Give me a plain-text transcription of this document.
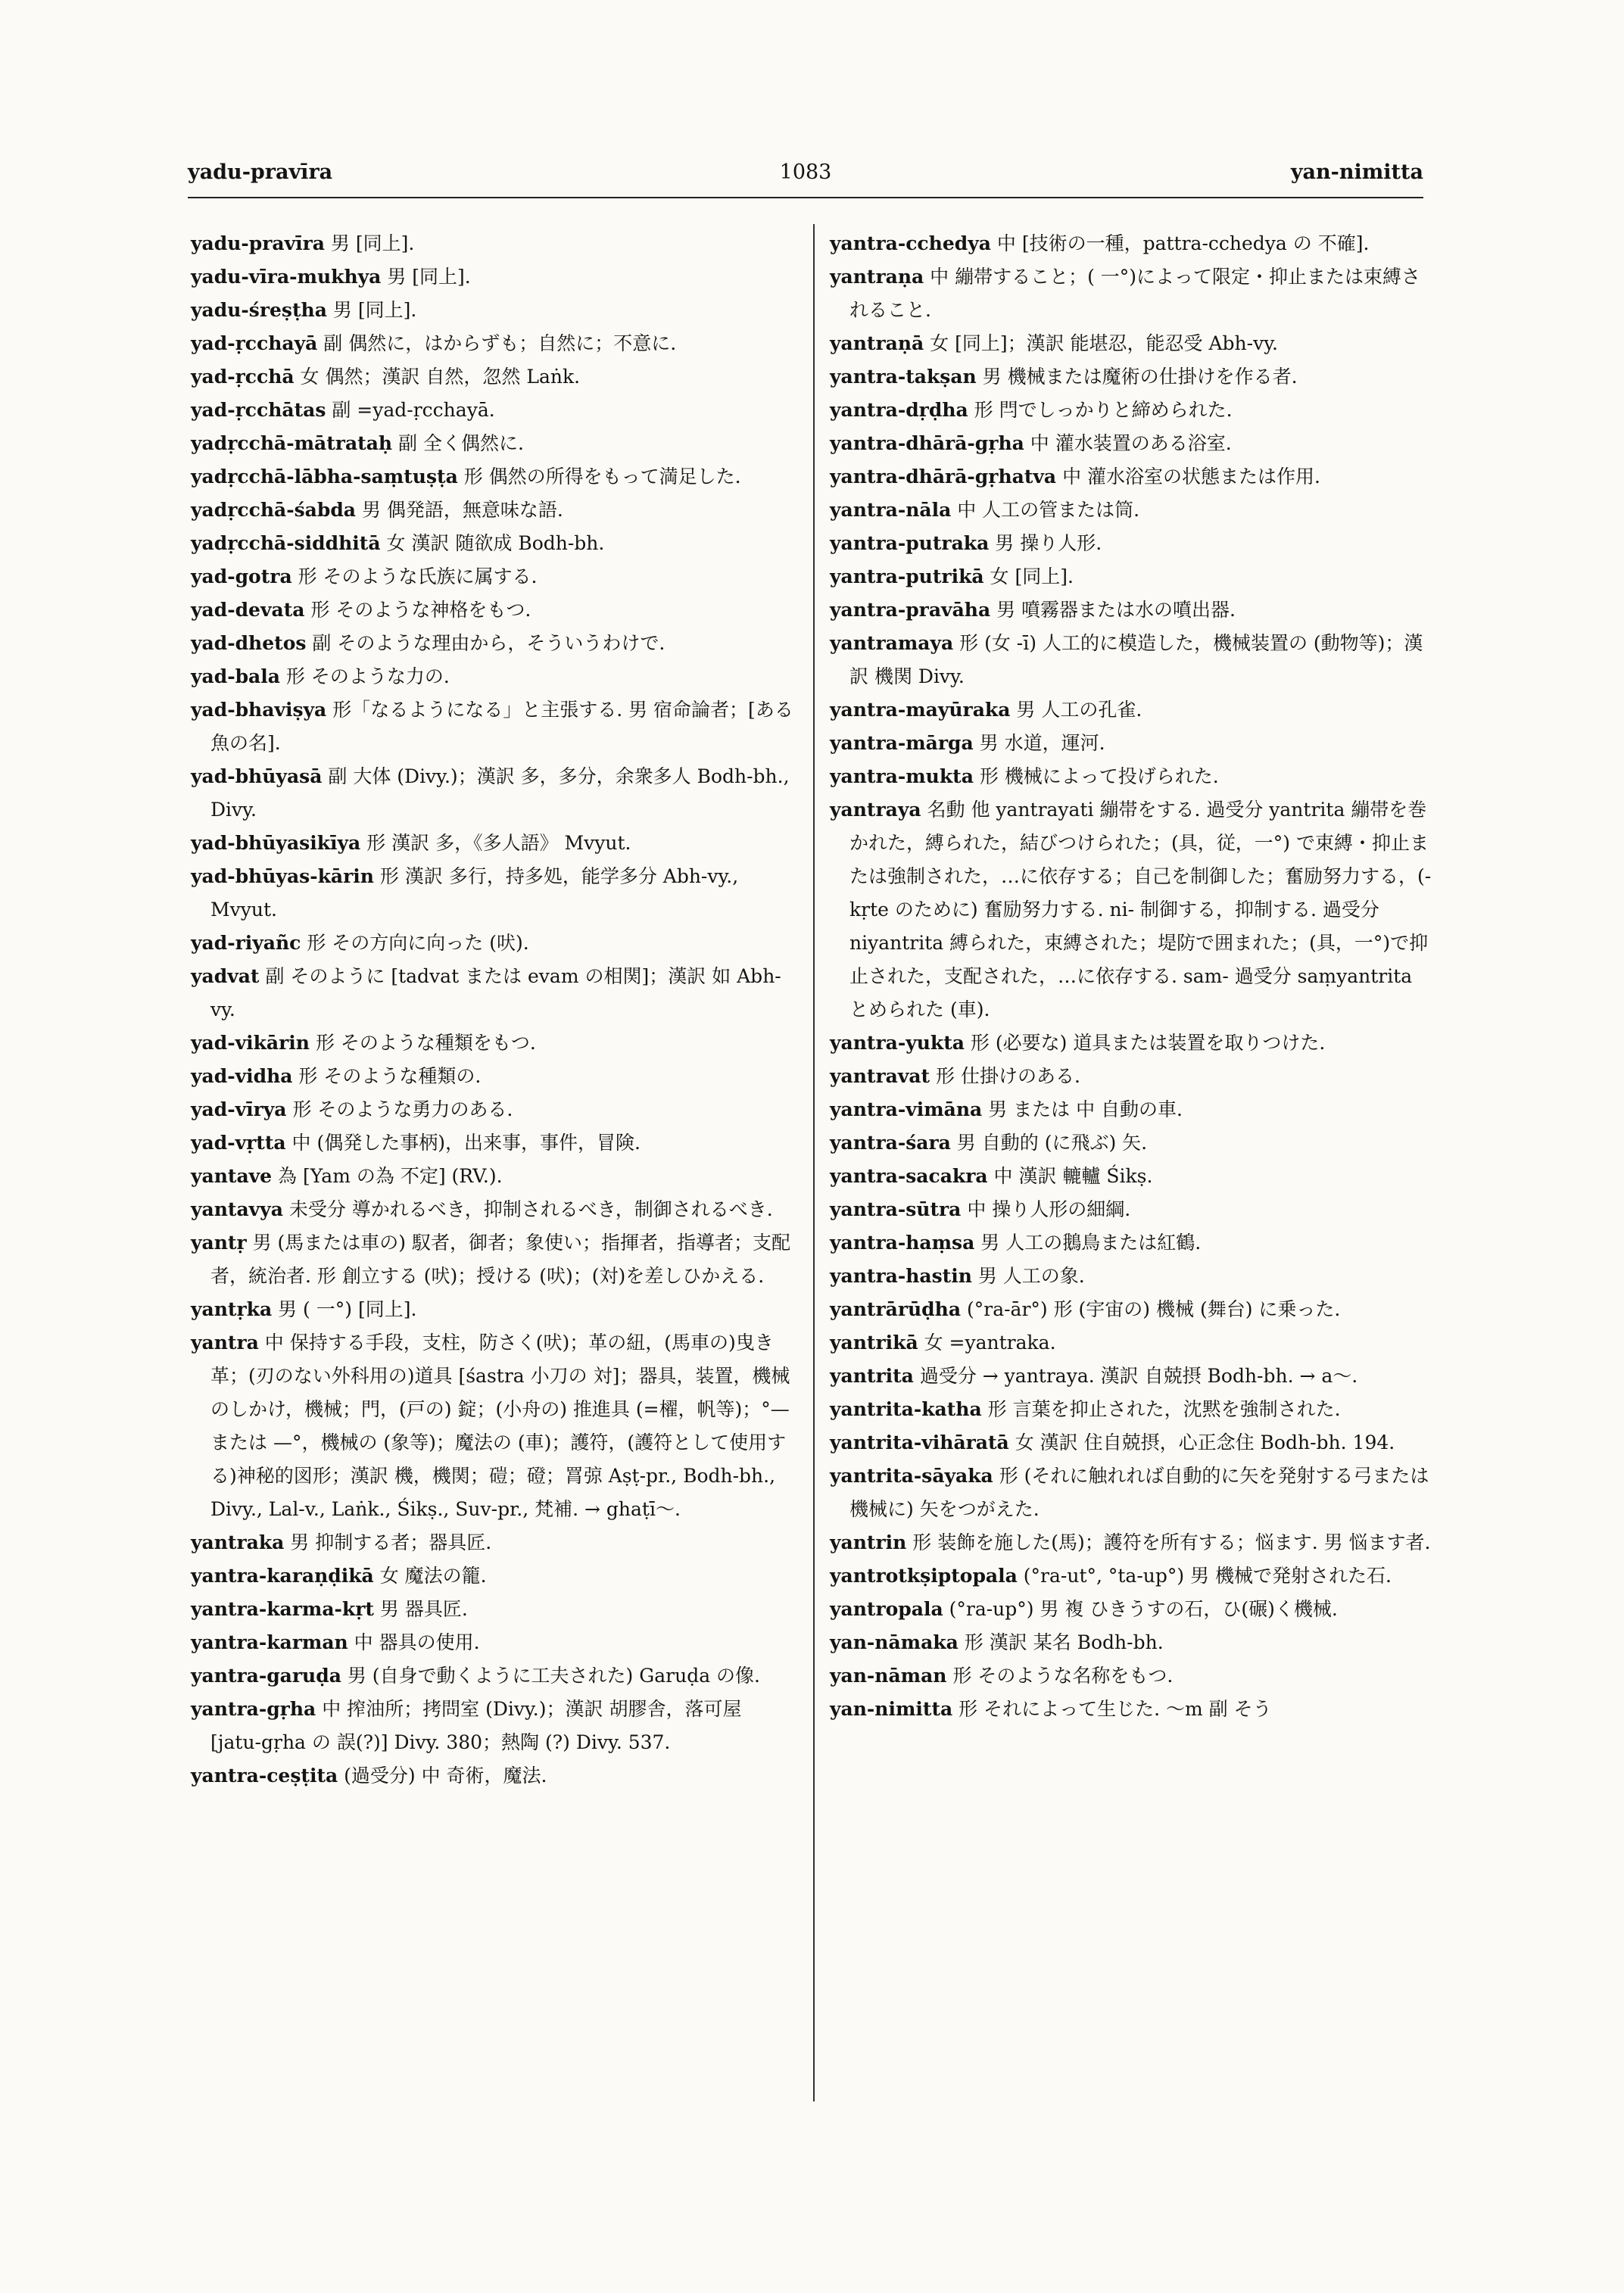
yadu-pravīra	1083	yan-nimitta
yadu-pravīra 男 [同上].
yadu-vīra-mukhya 男 [同上].
yadu-śreṣṭha 男 [同上].
yad-ṛcchayā 副 偶然に，はからずも；自然に；不意に.
yad-ṛcchā 女 偶然；漢訳 自然，忽然 Laṅk.
yad-ṛcchātas 副 =yad-ṛcchayā.
yadṛcchā-mātrataḥ 副 全く偶然に.
yadṛcchā-lābha-saṃtuṣṭa 形 偶然の所得をもって満足した.
yadṛcchā-śabda 男 偶発語，無意味な語.
yadṛcchā-siddhitā 女 漢訳 随欲成 Bodh-bh.
yad-gotra 形 そのような氏族に属する.
yad-devata 形 そのような神格をもつ.
yad-dhetos 副 そのような理由から，そういうわけで.
yad-bala 形 そのような力の.
yad-bhaviṣya 形「なるようになる」と主張する. 男 宿命論者；[ある魚の名].
yad-bhūyasā 副 大体 (Divy.)；漢訳 多，多分，余衆多人 Bodh-bh., Divy.
yad-bhūyasikīya 形 漢訳 多，《多人語》 Mvyut.
yad-bhūyas-kārin 形 漢訳 多行，持多処，能学多分 Abh-vy., Mvyut.
yad-riyañc 形 その方向に向った (吠).
yadvat 副 そのように [tadvat または evam の相関]；漢訳 如 Abh-vy.
yad-vikārin 形 そのような種類をもつ.
yad-vidha 形 そのような種類の.
yad-vīrya 形 そのような勇力のある.
yad-vṛtta 中 (偶発した事柄)，出来事，事件，冒険.
yantave 為 [Yam の為 不定] (RV.).
yantavya 未受分 導かれるべき，抑制されるべき，制御されるべき.
yantṛ 男 (馬または車の) 馭者，御者；象使い；指揮者，指導者；支配者，統治者. 形 創立する (吠)；授ける (吠)；(対)を差しひかえる.
yantṛka 男 ( 一°) [同上].
yantra 中 保持する手段，支柱，防さく(吠)；革の紐，(馬車の)曳き革；(刃のない外科用の)道具 [śastra 小刀の 対]；器具，装置，機械のしかけ，機械；門，(戸の) 錠；(小舟の) 推進具 (=櫂，帆等)；°— または —°，機械の (象等)；魔法の (車)；護符，(護符として使用する)神秘的図形；漢訳 機，機関；磑；磴；罥弶 Aṣṭ-pr., Bodh-bh., Divy., Lal-v., Laṅk., Śikṣ., Suv-pr., 梵補. → ghaṭī〜.
yantraka 男 抑制する者；器具匠.
yantra-karaṇḍikā 女 魔法の籠.
yantra-karma-kṛt 男 器具匠.
yantra-karman 中 器具の使用.
yantra-garuḍa 男 (自身で動くように工夫された) Garuḍa の像.
yantra-gṛha 中 搾油所；拷問室 (Divy.)；漢訳 胡膠舎，落可屋 [jatu-gṛha の 誤(?)] Divy. 380；熱陶 (?) Divy. 537.
yantra-ceṣṭita (過受分) 中 奇術，魔法.
yantra-cchedya 中 [技術の一種，pattra-cchedya の 不確].
yantraṇa 中 繃帯すること；( 一°)によって限定・抑止または束縛されること.
yantraṇā 女 [同上]；漢訳 能堪忍，能忍受 Abh-vy.
yantra-takṣan 男 機械または魔術の仕掛けを作る者.
yantra-dṛḍha 形 閂でしっかりと締められた.
yantra-dhārā-gṛha 中 灌水装置のある浴室.
yantra-dhārā-gṛhatva 中 灌水浴室の状態または作用.
yantra-nāla 中 人工の管または筒.
yantra-putraka 男 操り人形.
yantra-putrikā 女 [同上].
yantra-pravāha 男 噴霧器または水の噴出器.
yantramaya 形 (女 -ī) 人工的に模造した，機械装置の (動物等)；漢訳 機関 Divy.
yantra-mayūraka 男 人工の孔雀.
yantra-mārga 男 水道，運河.
yantra-mukta 形 機械によって投げられた.
yantraya 名動 他 yantrayati 繃帯をする. 過受分 yantrita 繃帯を巻かれた，縛られた，結びつけられた；(具，従，一°) で束縛・抑止または強制された，…に依存する；自己を制御した；奮励努力する，(-kṛte のために) 奮励努力する. ni- 制御する，抑制する. 過受分 niyantrita 縛られた，束縛された；堤防で囲まれた；(具，一°)で抑止された，支配された，…に依存する. sam- 過受分 saṃyantrita とめられた (車).
yantra-yukta 形 (必要な) 道具または装置を取りつけた.
yantravat 形 仕掛けのある.
yantra-vimāna 男 または 中 自動の車.
yantra-śara 男 自動的 (に飛ぶ) 矢.
yantra-sacakra 中 漢訳 轆轤 Śikṣ.
yantra-sūtra 中 操り人形の細綱.
yantra-haṃsa 男 人工の鵝鳥または紅鶴.
yantra-hastin 男 人工の象.
yantrārūḍha (°ra-ār°) 形 (宇宙の) 機械 (舞台) に乗った.
yantrikā 女 =yantraka.
yantrita 過受分 → yantraya. 漢訳 自兢摂 Bodh-bh. → a〜.
yantrita-katha 形 言葉を抑止された，沈黙を強制された.
yantrita-vihāratā 女 漢訳 住自兢摂，心正念住 Bodh-bh. 194.
yantrita-sāyaka 形 (それに触れれば自動的に矢を発射する弓または機械に) 矢をつがえた.
yantrin 形 装飾を施した(馬)；護符を所有する；悩ます. 男 悩ます者.
yantrotkṣiptopala (°ra-ut°, °ta-up°) 男 機械で発射された石.
yantropala (°ra-up°) 男 複 ひきうすの石，ひ(碾)く機械.
yan-nāmaka 形 漢訳 某名 Bodh-bh.
yan-nāman 形 そのような名称をもつ.
yan-nimitta 形 それによって生じた. 〜m 副 そう
